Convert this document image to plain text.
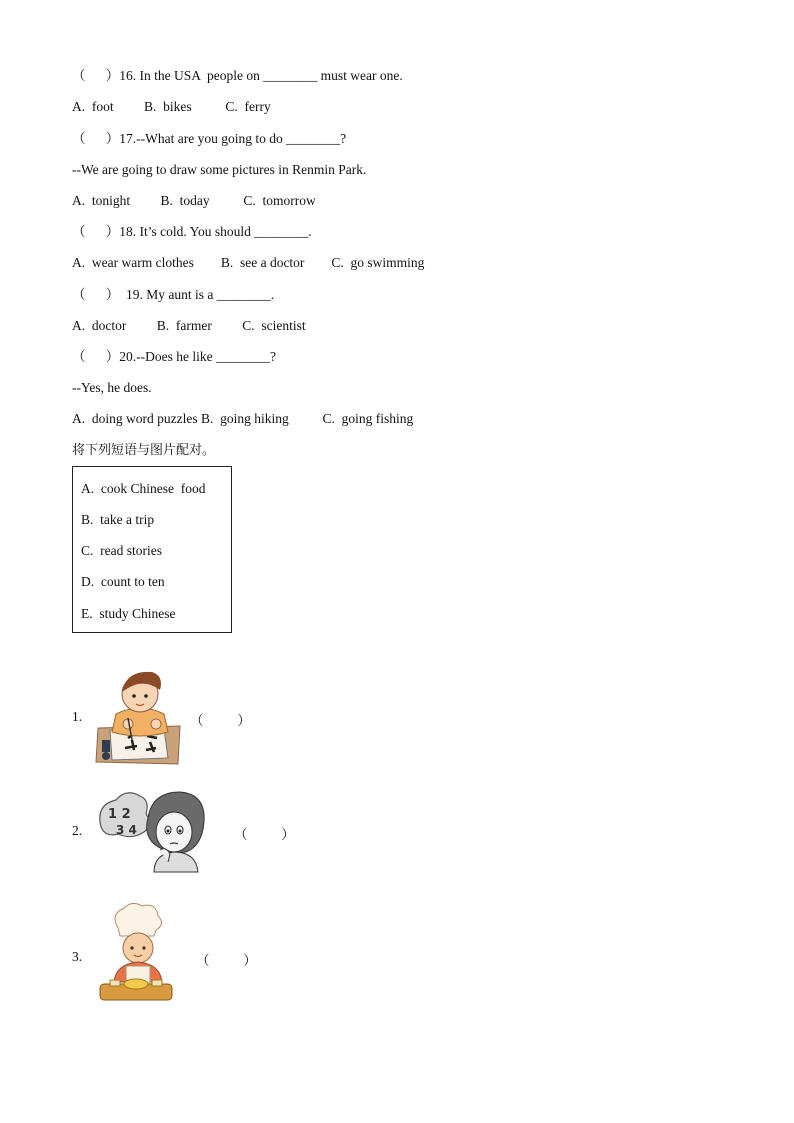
（      ）16. In the USA  people on ________ must wear one.
A.  foot         B.  bikes          C.  ferry
（      ）17.--What are you going to do ________?
--We are going to draw some pictures in Renmin Park.
A.  tonight         B.  today          C.  tomorrow
（      ）18. It’s cold. You should ________.
A.  wear warm clothes        B.  see a doctor        C.  go swimming
（      ）  19. My aunt is a ________.
A.  doctor         B.  farmer         C.  scientist
（      ）20.--Does he like ________?
--Yes, he does.
A.  doing word puzzles B.  going hiking          C.  going fishing
将下列短语与图片配对。
A.  cook Chinese  food
B.  take a trip
C.  read stories
D.  count to ten
E.  study Chinese
1.	（          ）
2.
1 2
3 4	（          ）
3.	（          ）
